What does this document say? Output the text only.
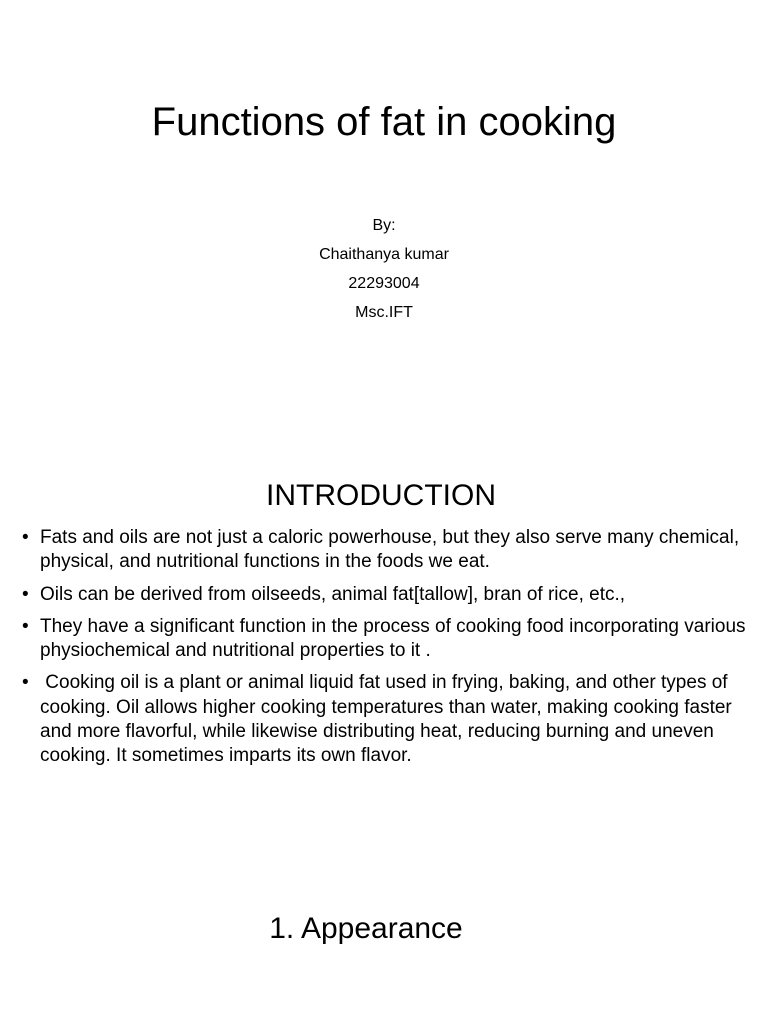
Functions of fat in cooking
By:
Chaithanya kumar
22293004
Msc.IFT
INTRODUCTION
• Fats and oils are not just a caloric powerhouse, but they also serve many chemical, physical, and nutritional functions in the foods we eat.
• Oils can be derived from oilseeds, animal fat[tallow], bran of rice, etc.,
• They have a significant function in the process of cooking food incorporating various physiochemical and nutritional properties to it .
• Cooking oil is a plant or animal liquid fat used in frying, baking, and other types of cooking. Oil allows higher cooking temperatures than water, making cooking faster and more flavorful, while likewise distributing heat, reducing burning and uneven cooking. It sometimes imparts its own flavor.
1. Appearance
